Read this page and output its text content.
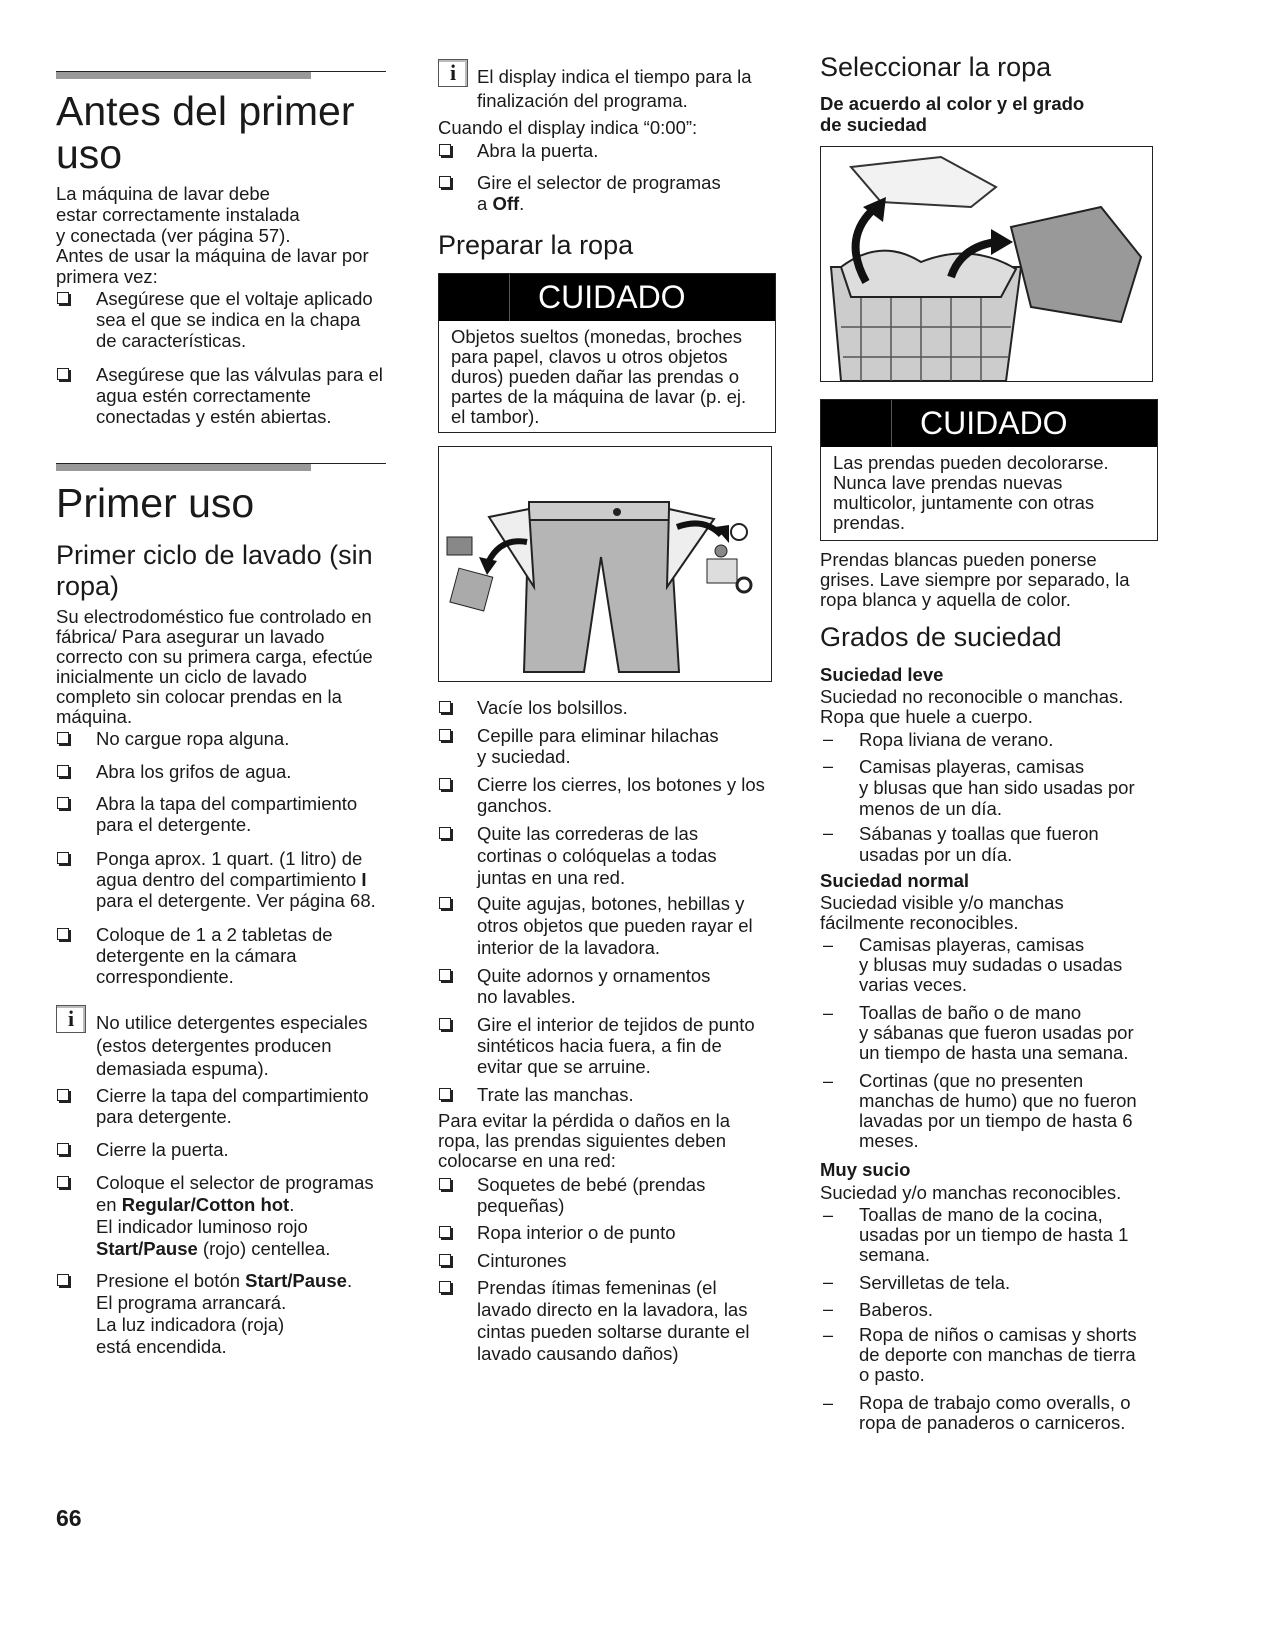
Antes del primer
uso
La máquina de lavar debe
estar correctamente instalada
y conectada (ver página 57).
Antes de usar la máquina de lavar por
primera vez:
Asegúrese que el voltaje aplicado
sea el que se indica en la chapa
de características.
Asegúrese que las válvulas para el
agua estén correctamente
conectadas y estén abiertas.
Primer uso
Primer ciclo de lavado (sin
ropa)
Su electrodoméstico fue controlado en
fábrica/ Para asegurar un lavado
correcto con su primera carga, efectúe
inicialmente un ciclo de lavado
completo sin colocar prendas en la
máquina.
No cargue ropa alguna.
Abra los grifos de agua.
Abra la tapa del compartimiento
para el detergente.
Ponga aprox. 1 quart. (1 litro) de
agua dentro del compartimiento I
para el detergente. Ver página 68.
Coloque de 1 a 2 tabletas de
detergente en la cámara
correspondiente.
i	No utilice detergentes especiales
(estos detergentes producen
demasiada espuma).
Cierre la tapa del compartimiento
para detergente.
Cierre la puerta.
Coloque el selector de programas
en Regular/Cotton hot.
El indicador luminoso rojo
Start/Pause (rojo) centellea.
Presione el botón Start/Pause.
El programa arrancará.
La luz indicadora (roja)
está encendida.
66
i	El display indica el tiempo para la
finalización del programa.
Cuando el display indica “0:00”:
Abra la puerta.
Gire el selector de programas
a Off.
Preparar la ropa
CUIDADO
Objetos sueltos (monedas, broches
para papel, clavos u otros objetos
duros) pueden dañar las prendas o
partes de la máquina de lavar (p. ej.
el tambor).
Vacíe los bolsillos.
Cepille para eliminar hilachas
y suciedad.
Cierre los cierres, los botones y los
ganchos.
Quite las correderas de las
cortinas o colóquelas a todas
juntas en una red.
Quite agujas, botones, hebillas y
otros objetos que pueden rayar el
interior de la lavadora.
Quite adornos y ornamentos
no lavables.
Gire el interior de tejidos de punto
sintéticos hacia fuera, a fin de
evitar que se arruine.
Trate las manchas.
Para evitar la pérdida o daños en la
ropa, las prendas siguientes deben
colocarse en una red:
Soquetes de bebé (prendas
pequeñas)
Ropa interior o de punto
Cinturones
Prendas ítimas femeninas (el
lavado directo en la lavadora, las
cintas pueden soltarse durante el
lavado causando daños)
Seleccionar la ropa
De acuerdo al color y el grado
de suciedad
CUIDADO
Las prendas pueden decolorarse.
Nunca lave prendas nuevas
multicolor, juntamente con otras
prendas.
Prendas blancas pueden ponerse
grises. Lave siempre por separado, la
ropa blanca y aquella de color.
Grados de suciedad
Suciedad leve
Suciedad no reconocible o manchas.
Ropa que huele a cuerpo.
– Ropa liviana de verano.
– Camisas playeras, camisas
y blusas que han sido usadas por
menos de un día.
– Sábanas y toallas que fueron
usadas por un día.
Suciedad normal
Suciedad visible y/o manchas
fácilmente reconocibles.
– Camisas playeras, camisas
y blusas muy sudadas o usadas
varias veces.
– Toallas de baño o de mano
y sábanas que fueron usadas por
un tiempo de hasta una semana.
– Cortinas (que no presenten
manchas de humo) que no fueron
lavadas por un tiempo de hasta 6
meses.
Muy sucio
Suciedad y/o manchas reconocibles.
– Toallas de mano de la cocina,
usadas por un tiempo de hasta 1
semana.
– Servilletas de tela.
– Baberos.
– Ropa de niños o camisas y shorts
de deporte con manchas de tierra
o pasto.
– Ropa de trabajo como overalls, o
ropa de panaderos o carniceros.
